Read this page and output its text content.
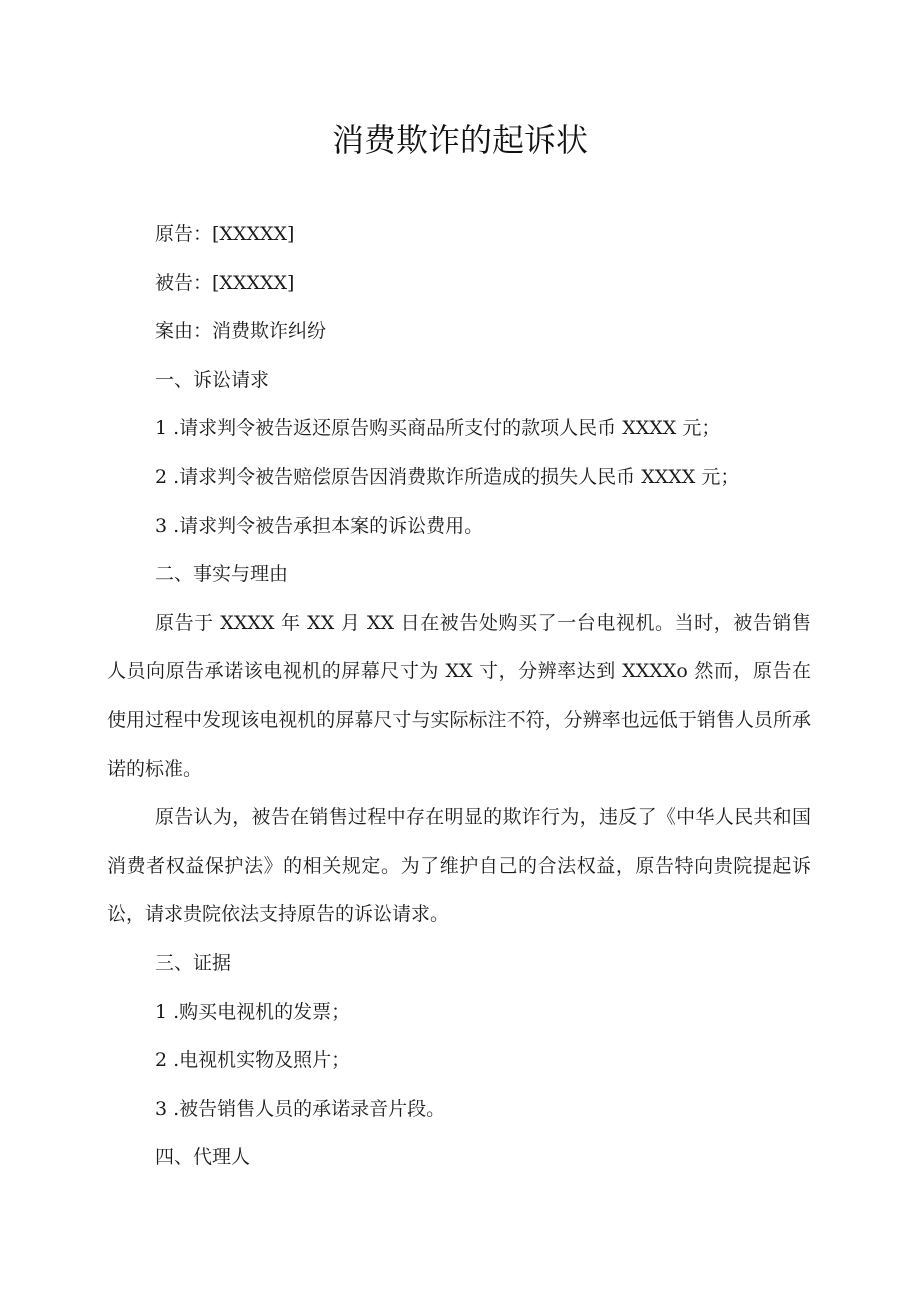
消费欺诈的起诉状
原告：[XXXXX]
被告：[XXXXX]
案由：消费欺诈纠纷
一、诉讼请求
1 .请求判令被告返还原告购买商品所支付的款项人民币 XXXX 元；
2 .请求判令被告赔偿原告因消费欺诈所造成的损失人民币 XXXX 元；
3 .请求判令被告承担本案的诉讼费用。
二、事实与理由

原告于 XXXX 年 XX 月 XX 日在被告处购买了一台电视机。当时，被告销售人员向原告承诺该电视机的屏幕尺寸为 XX 寸，分辨率达到 XXXXo 然而，原告在使用过程中发现该电视机的屏幕尺寸与实际标注不符，分辨率也远低于销售人员所承诺的标准。

原告认为，被告在销售过程中存在明显的欺诈行为，违反了《中华人民共和国消费者权益保护法》的相关规定。为了维护自己的合法权益，原告特向贵院提起诉讼，请求贵院依法支持原告的诉讼请求。

三、证据
1 .购买电视机的发票；
2 .电视机实物及照片；
3 .被告销售人员的承诺录音片段。
四、代理人
